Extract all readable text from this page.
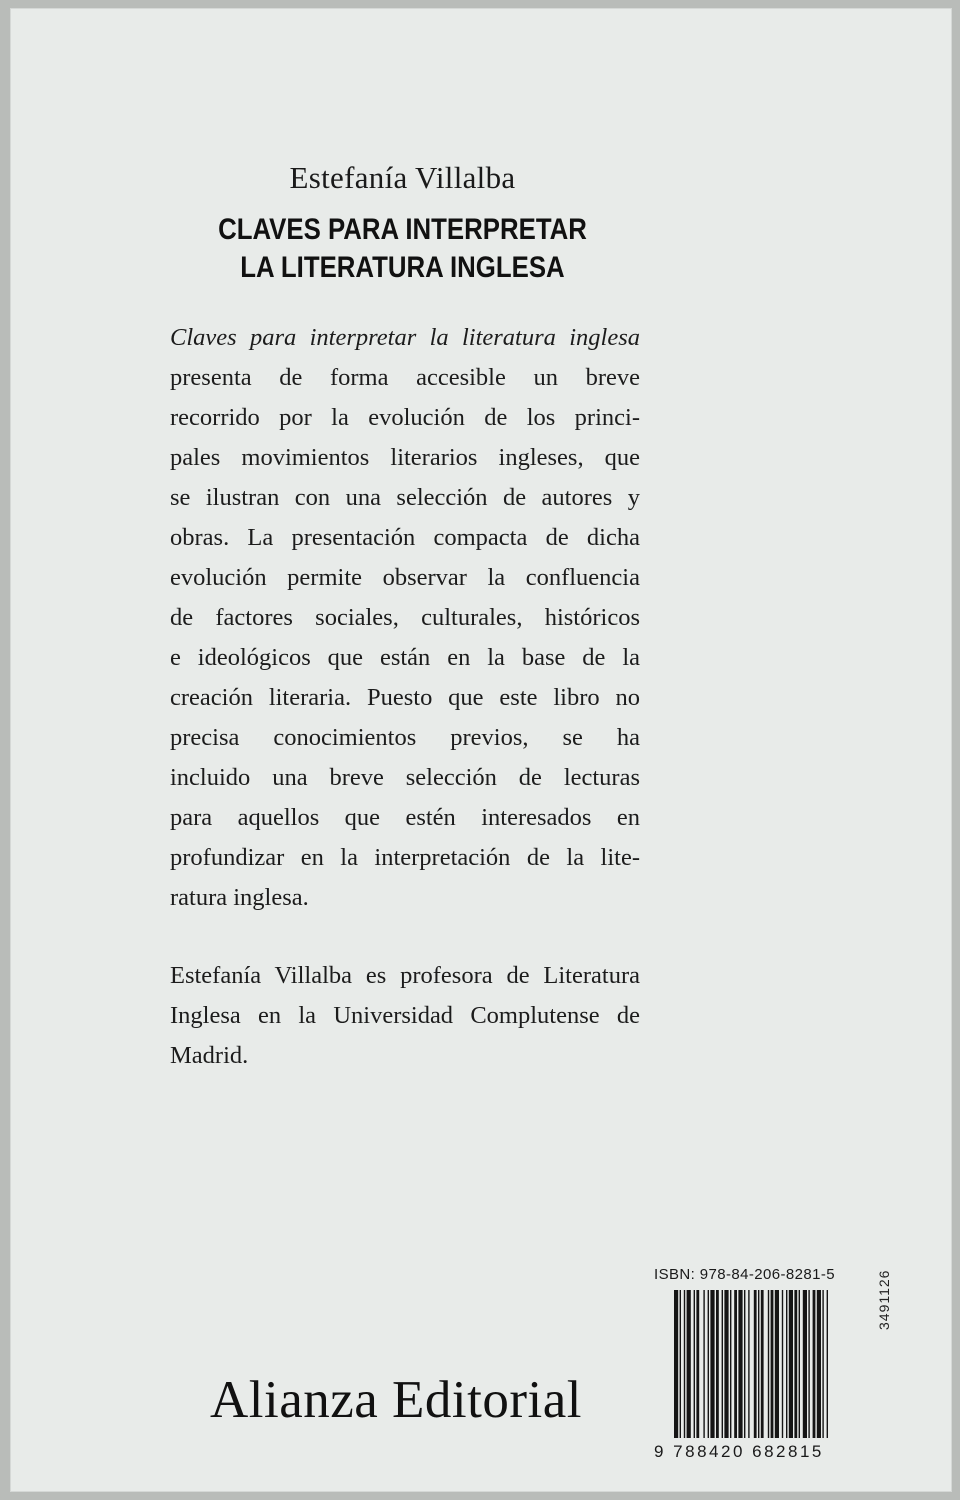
Estefanía Villalba
CLAVES PARA INTERPRETAR
LA LITERATURA INGLESA
Claves para interpretar la literatura inglesa
presenta de forma accesible un breve
recorrido por la evolución de los princi-
pales movimientos literarios ingleses, que
se ilustran con una selección de autores y
obras. La presentación compacta de dicha
evolución permite observar la confluencia
de factores sociales, culturales, históricos
e ideológicos que están en la base de la
creación literaria. Puesto que este libro no
precisa conocimientos previos, se ha
incluido una breve selección de lecturas
para aquellos que estén interesados en
profundizar en la interpretación de la lite-
ratura inglesa.
Estefanía Villalba es profesora de Literatura
Inglesa en la Universidad Complutense de
Madrid.
Alianza Editorial
ISBN: 978-84-206-8281-5
9 788420 682815
3491126
